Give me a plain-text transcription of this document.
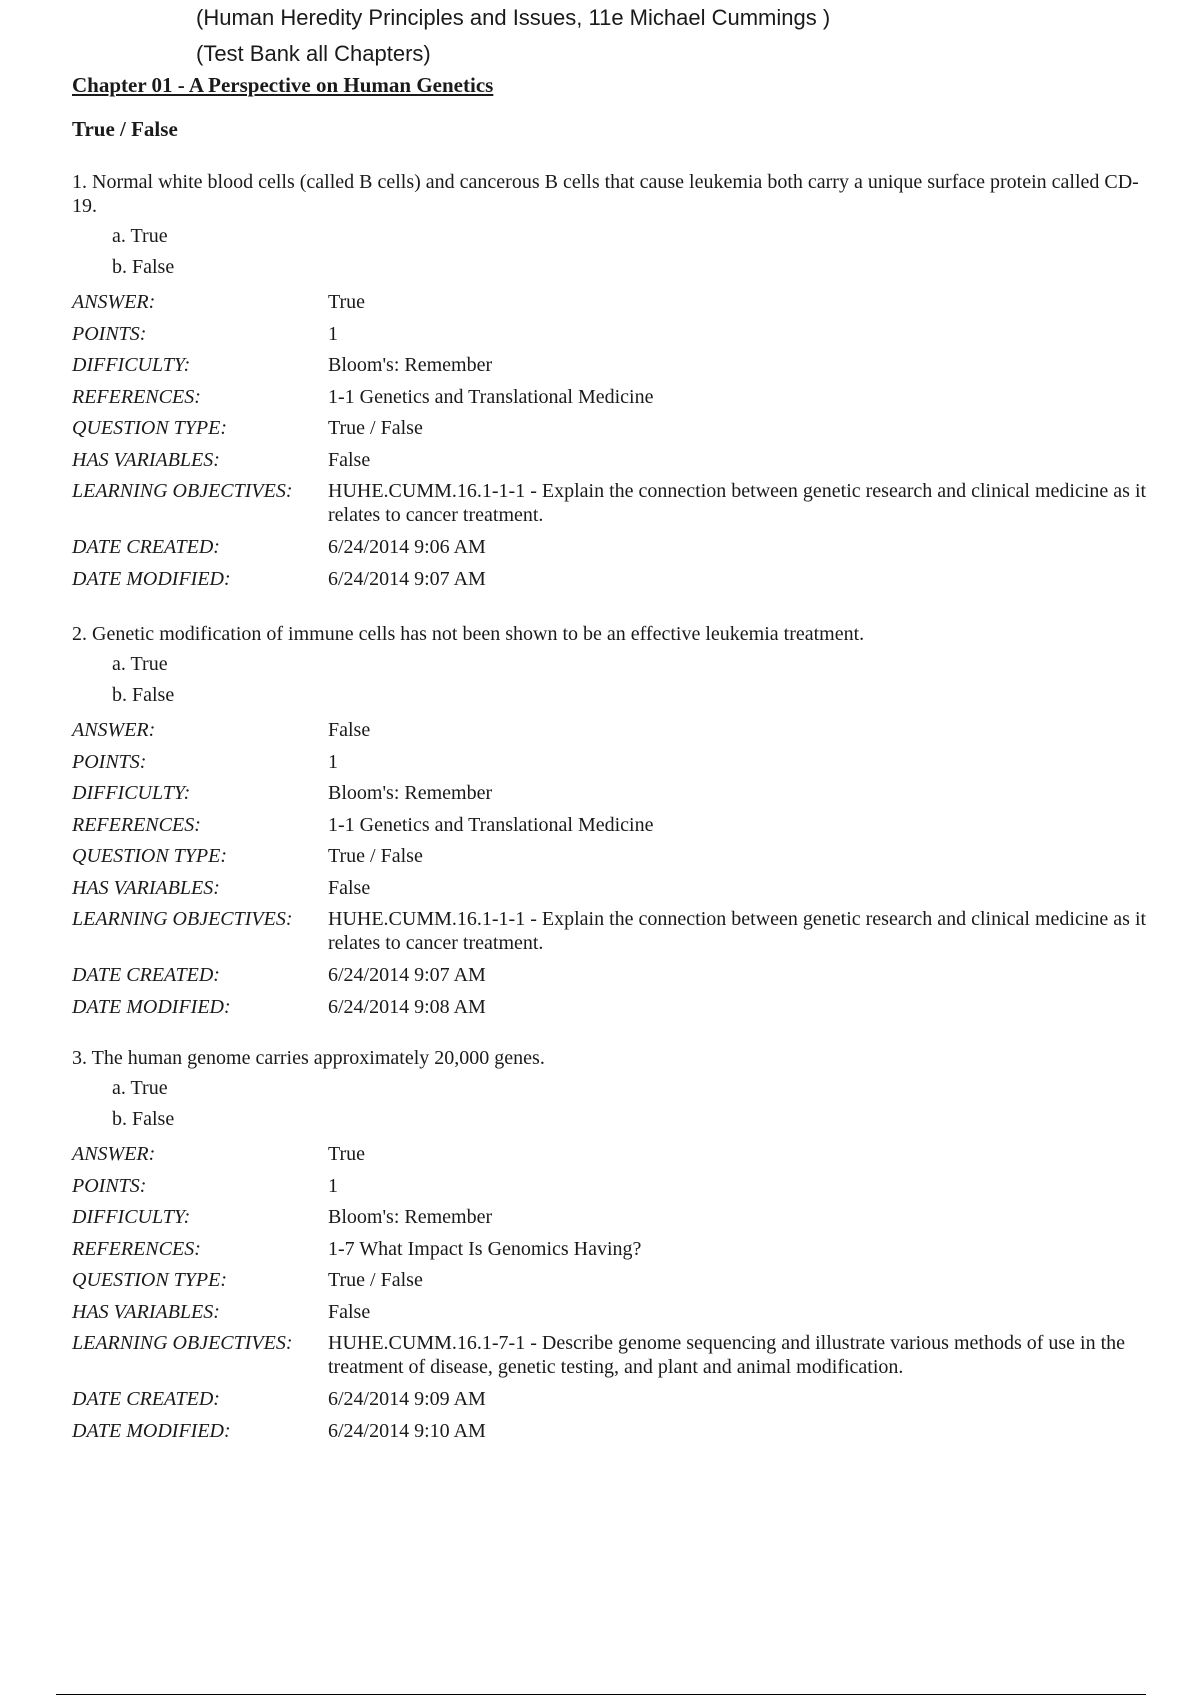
(Human Heredity Principles and Issues, 11e Michael Cummings )
(Test Bank all Chapters)
Chapter 01 - A Perspective on Human Genetics
True / False

1. Normal white blood cells (called B cells) and cancerous B cells that cause leukemia both carry a unique surface protein called CD-19.

a. True
b. False
ANSWER:	True
POINTS:	1
DIFFICULTY:	Bloom's: Remember
REFERENCES:	1-1 Genetics and Translational Medicine
QUESTION TYPE:	True / False
HAS VARIABLES:	False
LEARNING OBJECTIVES:	HUHE.CUMM.16.1-1-1 - Explain the connection between genetic research and clinical medicine as it relates to cancer treatment.
DATE CREATED:	6/24/2014 9:06 AM
DATE MODIFIED:	6/24/2014 9:07 AM

2. Genetic modification of immune cells has not been shown to be an effective leukemia treatment.

a. True
b. False
ANSWER:	False
POINTS:	1
DIFFICULTY:	Bloom's: Remember
REFERENCES:	1-1 Genetics and Translational Medicine
QUESTION TYPE:	True / False
HAS VARIABLES:	False
LEARNING OBJECTIVES:	HUHE.CUMM.16.1-1-1 - Explain the connection between genetic research and clinical medicine as it relates to cancer treatment.
DATE CREATED:	6/24/2014 9:07 AM
DATE MODIFIED:	6/24/2014 9:08 AM

3. The human genome carries approximately 20,000 genes.

a. True
b. False
ANSWER:	True
POINTS:	1
DIFFICULTY:	Bloom's: Remember
REFERENCES:	1-7 What Impact Is Genomics Having?
QUESTION TYPE:	True / False
HAS VARIABLES:	False
LEARNING OBJECTIVES:	HUHE.CUMM.16.1-7-1 - Describe genome sequencing and illustrate various methods of use in the treatment of disease, genetic testing, and plant and animal modification.
DATE CREATED:	6/24/2014 9:09 AM
DATE MODIFIED:	6/24/2014 9:10 AM
